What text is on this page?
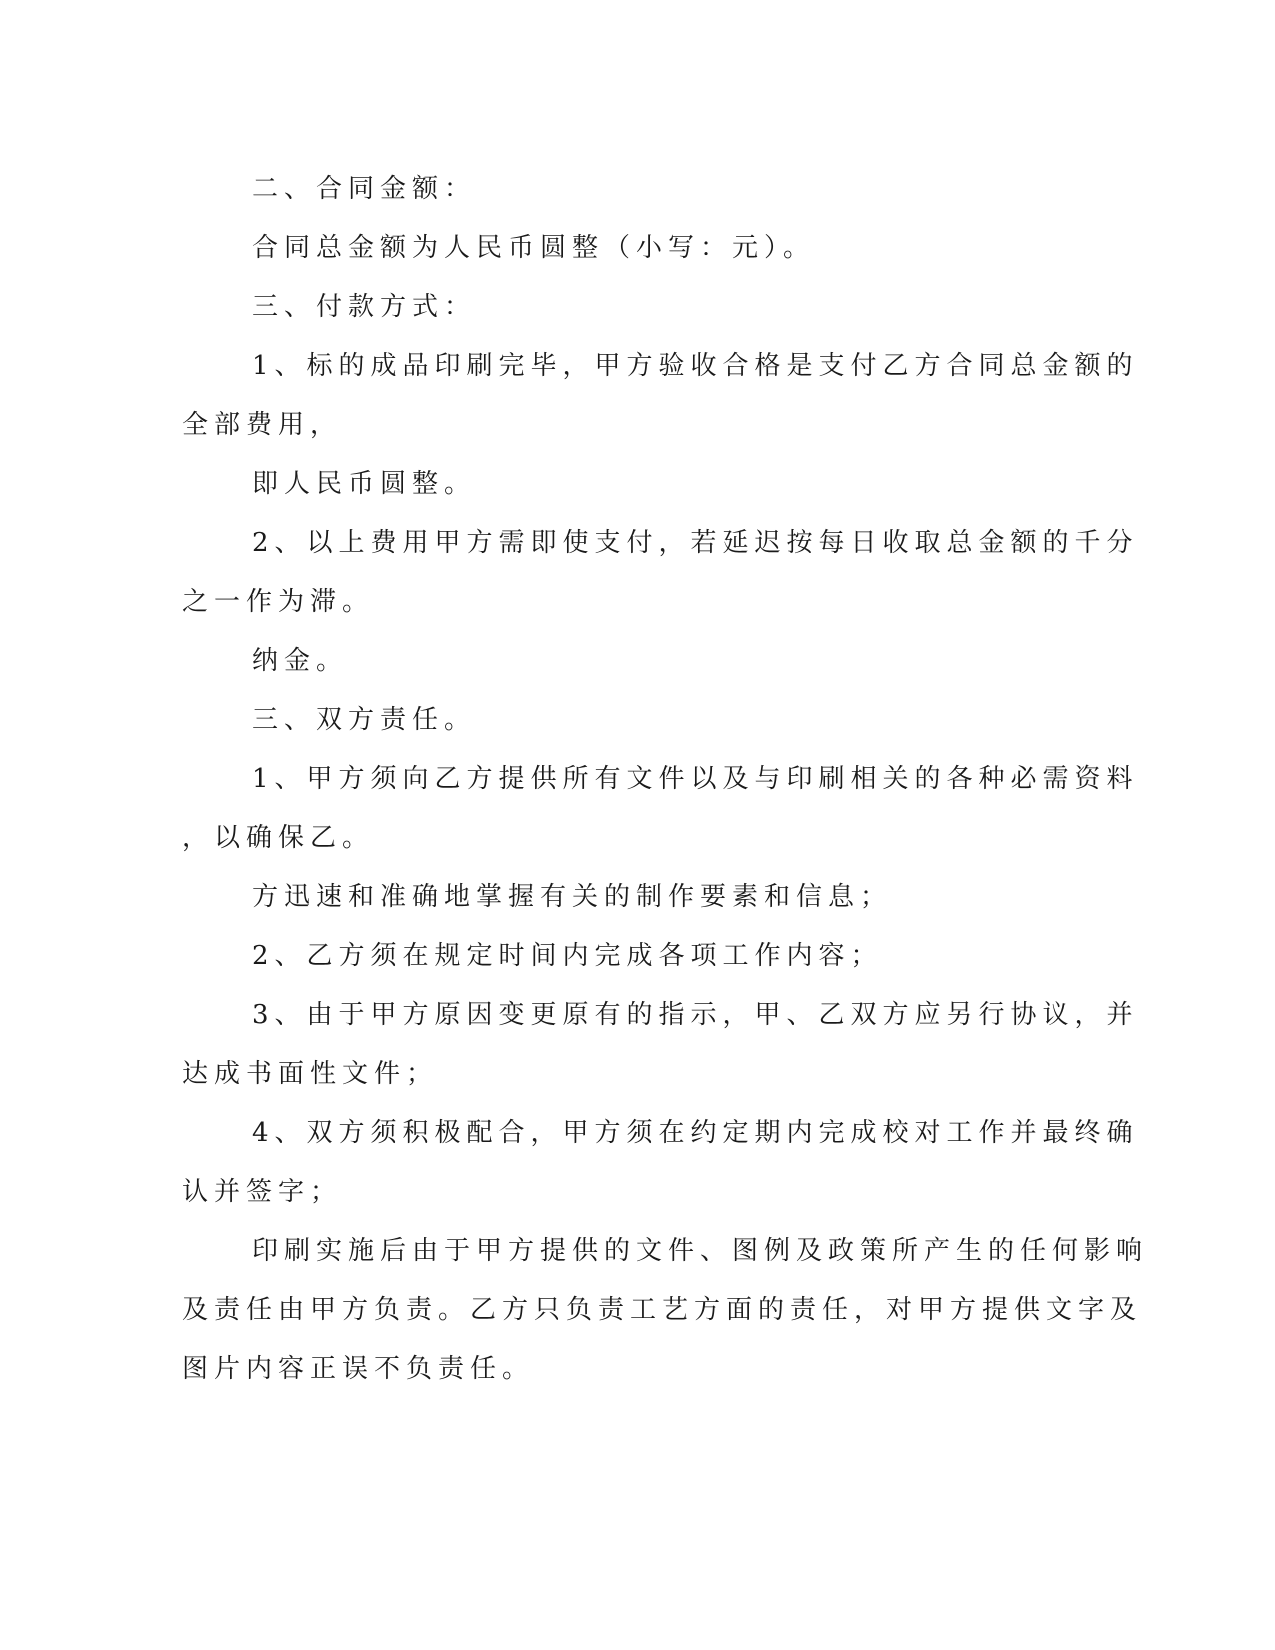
二、合同金额：
合同总金额为人民币圆整（小写：元）。
三、付款方式：
1、标的成品印刷完毕，甲方验收合格是支付乙方合同总金额的
全部费用，
即人民币圆整。
2、以上费用甲方需即使支付，若延迟按每日收取总金额的千分
之一作为滞。
纳金。
三、双方责任。
1、甲方须向乙方提供所有文件以及与印刷相关的各种必需资料
，以确保乙。
方迅速和准确地掌握有关的制作要素和信息；
2、乙方须在规定时间内完成各项工作内容；
3、由于甲方原因变更原有的指示，甲、乙双方应另行协议，并
达成书面性文件；
4、双方须积极配合，甲方须在约定期内完成校对工作并最终确
认并签字；
印刷实施后由于甲方提供的文件、图例及政策所产生的任何影响
及责任由甲方负责。乙方只负责工艺方面的责任，对甲方提供文字及
图片内容正误不负责任。
